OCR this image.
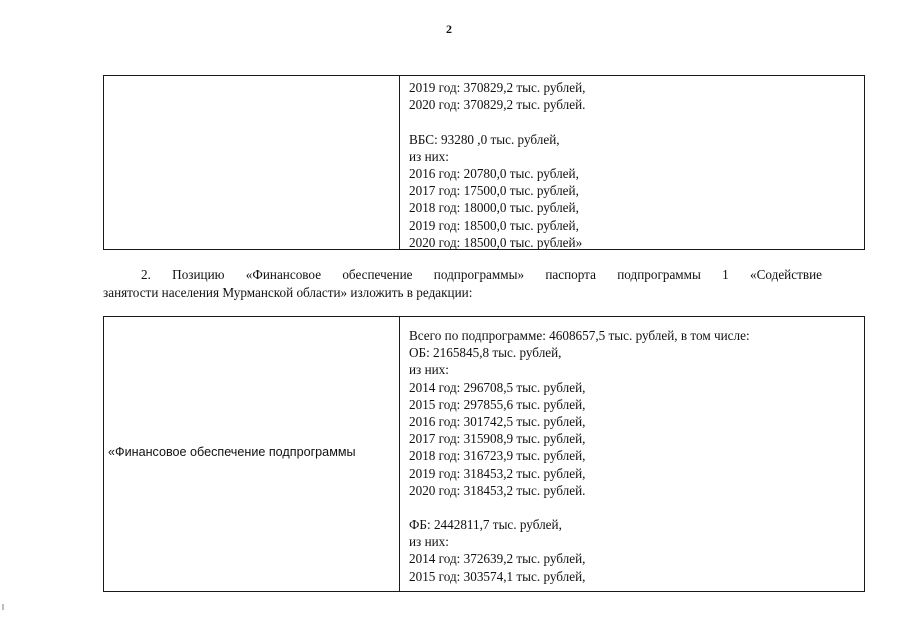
2
2019 год: 370829,2 тыс. рублей,
2020 год: 370829,2 тыс. рублей.
ВБС: 93280 ,0 тыс. рублей,
из них:
2016 год: 20780,0 тыс. рублей,
2017 год: 17500,0 тыс. рублей,
2018 год: 18000,0 тыс. рублей,
2019 год: 18500,0 тыс. рублей,
2020 год: 18500,0 тыс. рублей»
2. Позицию «Финансовое обеспечение подпрограммы» паспорта подпрограммы 1 «Содействие
занятости населения Мурманской области» изложить в редакции:
«Финансовое обеспечение подпрограммы
Всего по подпрограмме: 4608657,5 тыс. рублей, в том числе:
ОБ: 2165845,8 тыс. рублей,
из них:
2014 год: 296708,5 тыс. рублей,
2015 год: 297855,6 тыс. рублей,
2016 год: 301742,5 тыс. рублей,
2017 год: 315908,9 тыс. рублей,
2018 год: 316723,9 тыс. рублей,
2019 год: 318453,2 тыс. рублей,
2020 год: 318453,2 тыс. рублей.
ФБ: 2442811,7 тыс. рублей,
из них:
2014 год: 372639,2 тыс. рублей,
2015 год: 303574,1 тыс. рублей,
